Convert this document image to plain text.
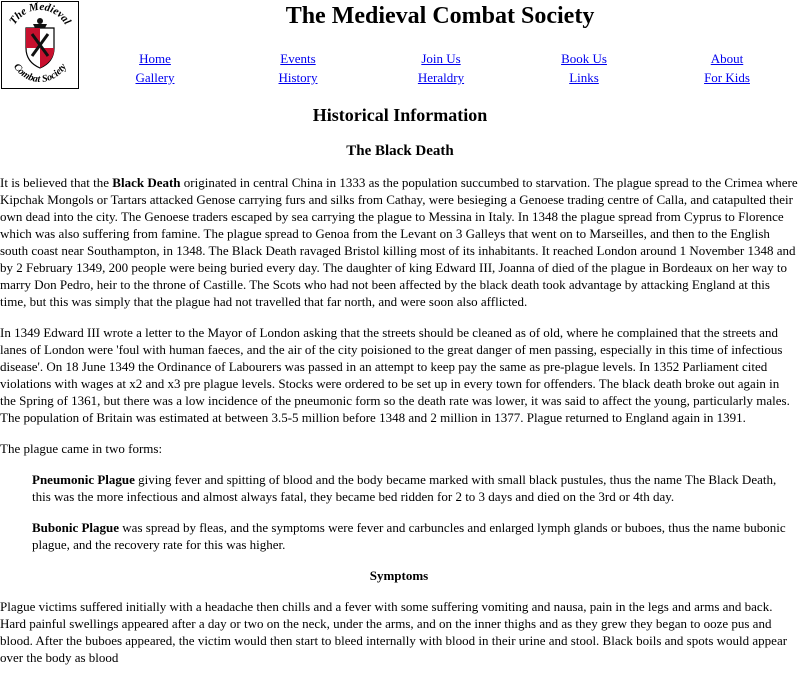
The Medieval
Combat Society
The Medieval Combat Society
Home	Events	Join Us	Book Us	About
Gallery	History	Heraldry	Links	For Kids
Historical Information
The Black Death

It is believed that the Black Death originated in central China in 1333 as the population succumbed to starvation. The plague spread to the Crimea where Kipchak Mongols or Tartars attacked Genose carrying furs and silks from Cathay, were besieging a Genoese trading centre of Calla, and catapulted their own dead into the city. The Genoese traders escaped by sea carrying the plague to Messina in Italy. In 1348 the plague spread from Cyprus to Florence which was also suffering from famine. The plague spread to Genoa from the Levant on 3 Galleys that went on to Marseilles, and then to the English south coast near Southampton, in 1348. The Black Death ravaged Bristol killing most of its inhabitants. It reached London around 1 November 1348 and by 2 February 1349, 200 people were being buried every day. The daughter of king Edward III, Joanna of died of the plague in Bordeaux on her way to marry Don Pedro, heir to the throne of Castille. The Scots who had not been affected by the black death took advantage by attacking England at this time, but this was simply that the plague had not travelled that far north, and were soon also afflicted.

In 1349 Edward III wrote a letter to the Mayor of London asking that the streets should be cleaned as of old, where he complained that the streets and lanes of London were 'foul with human faeces, and the air of the city poisioned to the great danger of men passing, especially in this time of infectious disease'. On 18 June 1349 the Ordinance of Labourers was passed in an attempt to keep pay the same as pre-plague levels. In 1352 Parliament cited violations with wages at x2 and x3 pre plague levels. Stocks were ordered to be set up in every town for offenders. The black death broke out again in the Spring of 1361, but there was a low incidence of the pneumonic form so the death rate was lower, it was said to affect the young, particularly males. The population of Britain was estimated at between 3.5-5 million before 1348 and 2 million in 1377. Plague returned to England again in 1391.

The plague came in two forms:

Pneumonic Plague giving fever and spitting of blood and the body became marked with small black pustules, thus the name The Black Death, this was the more infectious and almost always fatal, they became bed ridden for 2 to 3 days and died on the 3rd or 4th day.

Bubonic Plague was spread by fleas, and the symptoms were fever and carbuncles and enlarged lymph glands or buboes, thus the name bubonic plague, and the recovery rate for this was higher.

Symptoms

Plague victims suffered initially with a headache then chills and a fever with some suffering vomiting and nausa, pain in the legs and arms and back. Hard painful swellings appeared after a day or two on the neck, under the arms, and on the inner thighs and as they grew they began to ooze pus and blood. After the buboes appeared, the victim would then start to bleed internally with blood in their urine and stool. Black boils and spots would appear over the body as blood
